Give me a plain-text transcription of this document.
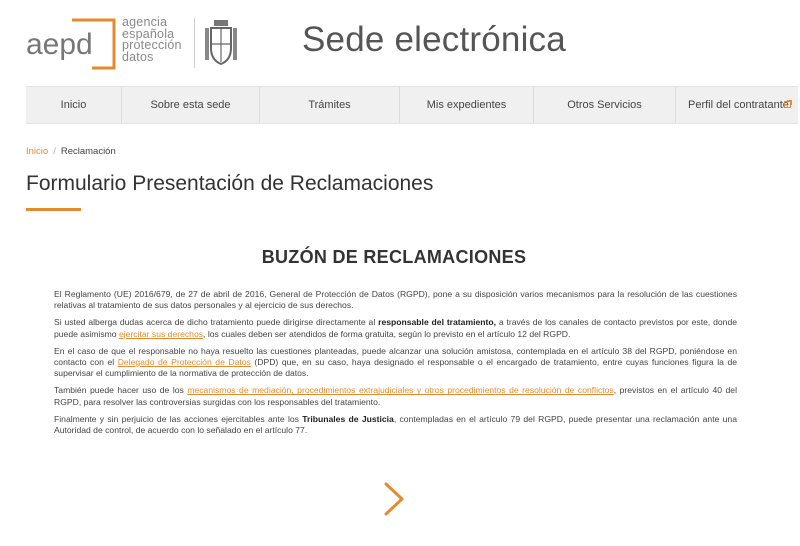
aepd
agencia
española
protección
datos	Sede electrónica
Inicio	Sobre esta sede	Trámites	Mis expedientes	Otros Servicios	Perfil del contratante
Inicio / Reclamación
Formulario Presentación de Reclamaciones
BUZÓN DE RECLAMACIONES

El Reglamento (UE) 2016/679, de 27 de abril de 2016, General de Protección de Datos (RGPD), pone a su disposición varios mecanismos para la resolución de las cuestiones relativas al tratamiento de sus datos personales y al ejercicio de sus derechos.

Si usted alberga dudas acerca de dicho tratamiento puede dirigirse directamente al responsable del tratamiento, a través de los canales de contacto previstos por este, donde puede asimismo ejercitar sus derechos, los cuales deben ser atendidos de forma gratuita, según lo previsto en el artículo 12 del RGPD.

En el caso de que el responsable no haya resuelto las cuestiones planteadas, puede alcanzar una solución amistosa, contemplada en el artículo 38 del RGPD, poniéndose en contacto con el Delegado de Protección de Datos (DPD) que, en su caso, haya designado el responsable o el encargado de tratamiento, entre cuyas funciones figura la de supervisar el cumplimiento de la normativa de protección de datos.

También puede hacer uso de los mecanismos de mediación, procedimientos extrajudiciales y otros procedimientos de resolución de conflictos, previstos en el artículo 40 del RGPD, para resolver las controversias surgidas con los responsables del tratamiento.

Finalmente y sin perjuicio de las acciones ejercitables ante los Tribunales de Justicia, contempladas en el artículo 79 del RGPD, puede presentar una reclamación ante una Autoridad de control, de acuerdo con lo señalado en el artículo 77.
